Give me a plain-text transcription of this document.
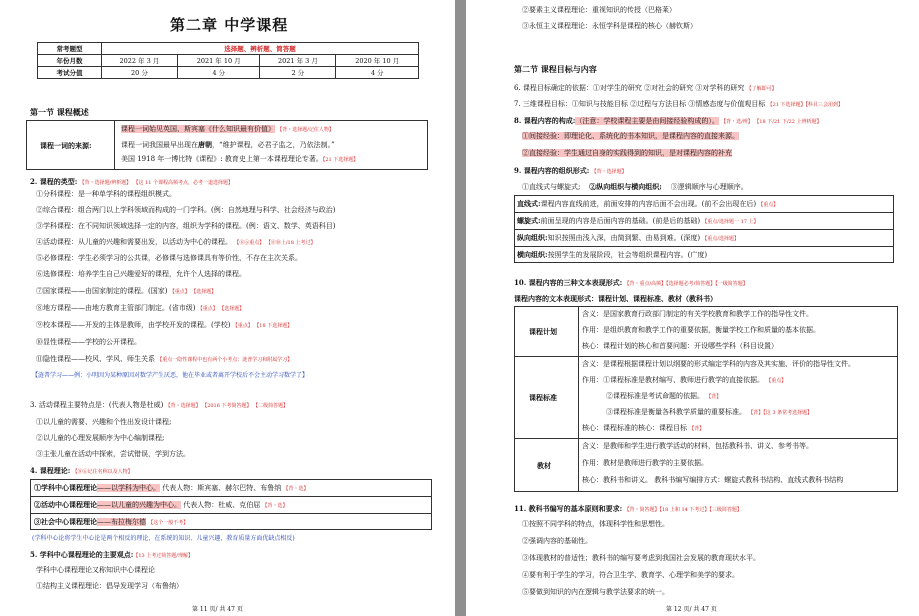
第二章 中学课程
常考题型	选择题、辨析题、简答题			
年份月数	2022 年 3 月	2021 年 10 月	2021 年 3 月	2020 年 10 月
考试分值	20 分	4 分	2 分	4 分
第一节 课程概述
课程一词的来源:
课程一词始见英国、斯宾塞《什么知识最有价值》 【背・选择题/记住人物】
课程一词我国最早出现在唐朝，“维护课程，必君子监之，乃依法制。”
美国 1918 年一博比特《课程》: 教育史上第一本课程理论专著。【21 下选择题】
2. 课程的类型: 【背・选择题/辨析题】 【这 11 个课程高频考点，必考一道选择题】
①分科课程：是一种单学科的课程组织模式。
②综合课程：组合两门以上学科领域而构成的一门学科。(例：自然地理与科学、社会经济与政治)
③学科课程：在不同知识领域选择一定的内容，组织为学科的课程。(例：语文、数学、英语科目)
④活动课程：从儿童的兴趣和需要出发，以活动为中心的课程。 【⑧⑥重点】 【⑧⑩上/18 上考过】
⑤必修课程：学生必须学习的公共课，必修课与选修课具有等价性，不存在主次关系。
⑥选修课程：培养学生自己兴趣爱好的课程，允许个人选择的课程。
⑦国家课程——由国家制定的课程。(国家) 【重点】 【选择题】
⑧地方课程——由地方教育主管部门制定。(省市级) 【重点】 【选择题】
⑨校本课程——开发的主体是教师，由学校开发的课程。(学校) 【重点】 【18 下选择题】
⑩显性课程——学校的公开课程。
⑪隐性课程——校风、学风、师生关系 【重点一隐性课程中也有两个小考点：涟普学习和附属学习】
【涟普学习——例：小明因为某种原因对数学产生厌恶，他在毕业或者离开学校后不会主动学习数学了】
3. 活动课程主要特点是：(代表人物是杜威) 【背・选择题】 【2016 下考简答题】 【二级简答题】
①以儿童的需要、兴趣和个性出发设计课程;
②以儿童的心理发展顺序为中心编制课程;
③主张儿童在活动中探索，尝试错误，学到方法。
4. 课程理论: 【⑧⑥记住名称以及人物】
①学科中心课程理论——以学科为中心。 代表人物：斯宾塞、赫尔巴特、布鲁纳 【背・选】
②活动中心课程理论——以儿童的兴趣为中心。 代表人物：杜威、克伯屈 【背・选】
③社会中心课程理论——布拉梅尔德 【这个一般不考】
(学科中心论将学生中心论是两个相反的理论，在系统的知识、儿童兴趣，教育质量方面优缺点相反)
5. 学科中心课程理论的主要观点:【13 上考过简答题/理解】
学科中心课程理论又称知识中心课程论
①结构主义课程理论：倡导发现学习（布鲁纳）
第 11 页/ 共 47 页
②要素主义课程理论：重视知识的传授（巴格莱）
③永恒主义课程理论：永恒学科是课程的核心（赫钦斯）
第二节 课程目标与内容
6. 课程目标确定的依据：①对学生的研究 ②对社会的研究 ③对学科的研究 【了解即可】
7. 三维课程目标：①知识与技能目标 ②过程与方法目标 ③情感态度与价值观目标 【21 下选择题】【科目三会用到】
8. 课程内容的构成:（注意：学校课程主要是由间接经验构成的）。 【背・选/辨】 【18 下/21 下/22 上辨析题】
①间接经验：即理论化、系统化的书本知识，是课程内容的直接来源。
②直接经验：学生通过自身的实践得到的知识，是对课程内容的补充
9. 课程内容的组织形式: 【背・选择题】
①直线式与螺旋式; ②纵向组织与横向组织; ③逻辑顺序与心理顺序。
直线式:课程内容直线前进，前面安排的内容后面不会出现。(前不会出现在后) 【重点】
螺旋式:前面呈现的内容是后面内容的基础。(前是后的基础) 【重点/选择题一 17 上】
纵向组织:知识按照由浅入深，由简到繁、由易到难。(深度) 【重点/选择题】
横向组织:按照学生的发展阶段，社会等组织课程内容。(广度)
10. 课程内容的三种文本表现形式: 【背・重点/高频】【选择题必考/简答题】【一级简答题】
课程内容的文本表现形式：课程计划、课程标准、教材（教科书）
课程计划
含义：是国家教育行政部门制定的有关学校教育和教学工作的指导性文件。
作用：是组织教育和教学工作的重要依据，衡量学校工作和质量的基本依据。
核心：课程计划的核心和首要问题：开设哪些学科（科目设置）
课程标准
含义：是课程根据课程计划以纲要的形式编定学科的内容及其实施、评价的指导性文件。
作用：①课程标准是教材编写、教师进行教学的直接依据。 【重点】
②课程标准是考试命题的依据。 【背】
③课程标准是衡量各科教学质量的重要标准。 【背】【这 3 条常考选择题】
核心：课程标准的核心：课程目标 【背】
教材
含义：是教师和学生进行教学活动的材料，包括教科书、讲义、参考书等。
作用：教材是教师进行教学的主要依据。
核心：教科书和讲义。 教科书编写编排方式：螺旋式教科书结构、直线式教科书结构
11. 教科书编写的基本原则和要求: 【背・简答题】【18 上和 14 下考过】【三级简答题】
①按照不同学科的特点，体现科学性和思想性。
②强调内容的基础性。
③体现教材的普适性；教科书的编写要考虑到我国社会发展的教育现状水平。
④要有利于学生的学习，符合卫生学、教育学、心理学和美学的要求。
⑤要做到知识的内在逻辑与教学法要求的统一。
第 12 页/ 共 47 页
